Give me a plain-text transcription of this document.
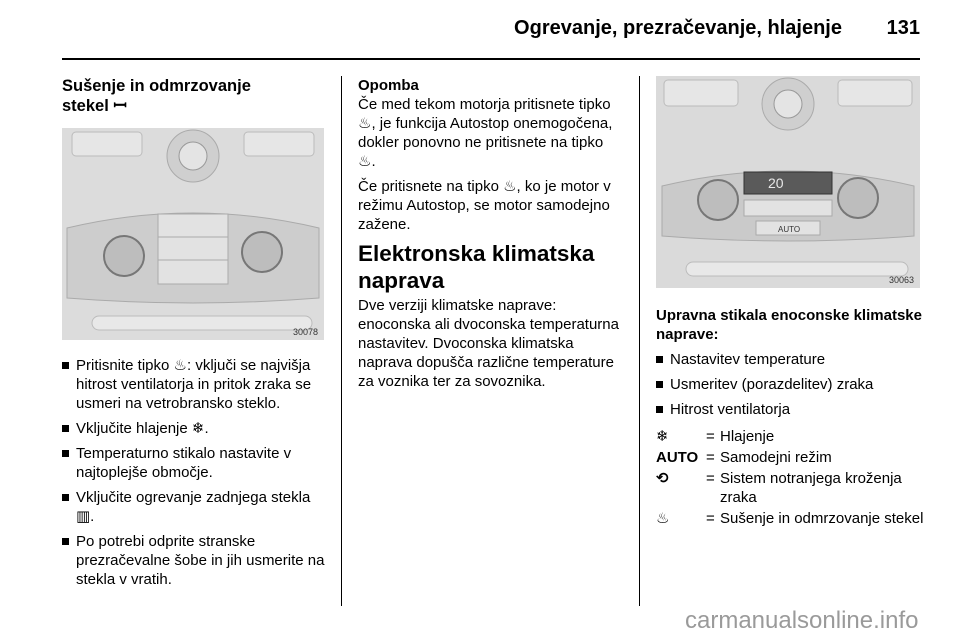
Ogrevanje, prezračevanje, hlajenje 131
Sušenje in odmrzovanje
stekel ꟷ
30078
Pritisnite tipko ♨: vključi se najvišja hitrost ventilatorja in pritok zraka se usmeri na vetrobransko steklo.
Vključite hlajenje ❄.
Temperaturno stikalo nastavite v najtoplejše območje.
Vključite ogrevanje zadnjega stekla ▥.
Po potrebi odprite stranske prezračevalne šobe in jih usmerite na stekla v vratih.

Opomba

Če med tekom motorja pritisnete tipko ♨, je funkcija Autostop onemogočena, dokler ponovno ne pritisnete na tipko ♨.

Če pritisnete na tipko ♨, ko je motor v režimu Autostop, se motor samodejno zažene.

Elektronska klimatska naprava

Dve verziji klimatske naprave: enoconska ali dvoconska temperaturna nastavitev. Dvoconska klimatska naprava dopušča različne temperature za voznika ter za sovoznika.

20
AUTO
30063

Upravna stikala enoconske klimatske naprave:

Nastavitev temperature
Usmeritev (porazdelitev) zraka
Hitrost ventilatorja
❄	= Hlajenje
AUTO = Samodejni režim
⟲	= Sistem notranjega kroženja zraka
♨	= Sušenje in odmrzovanje stekel
carmanualsonline.info
